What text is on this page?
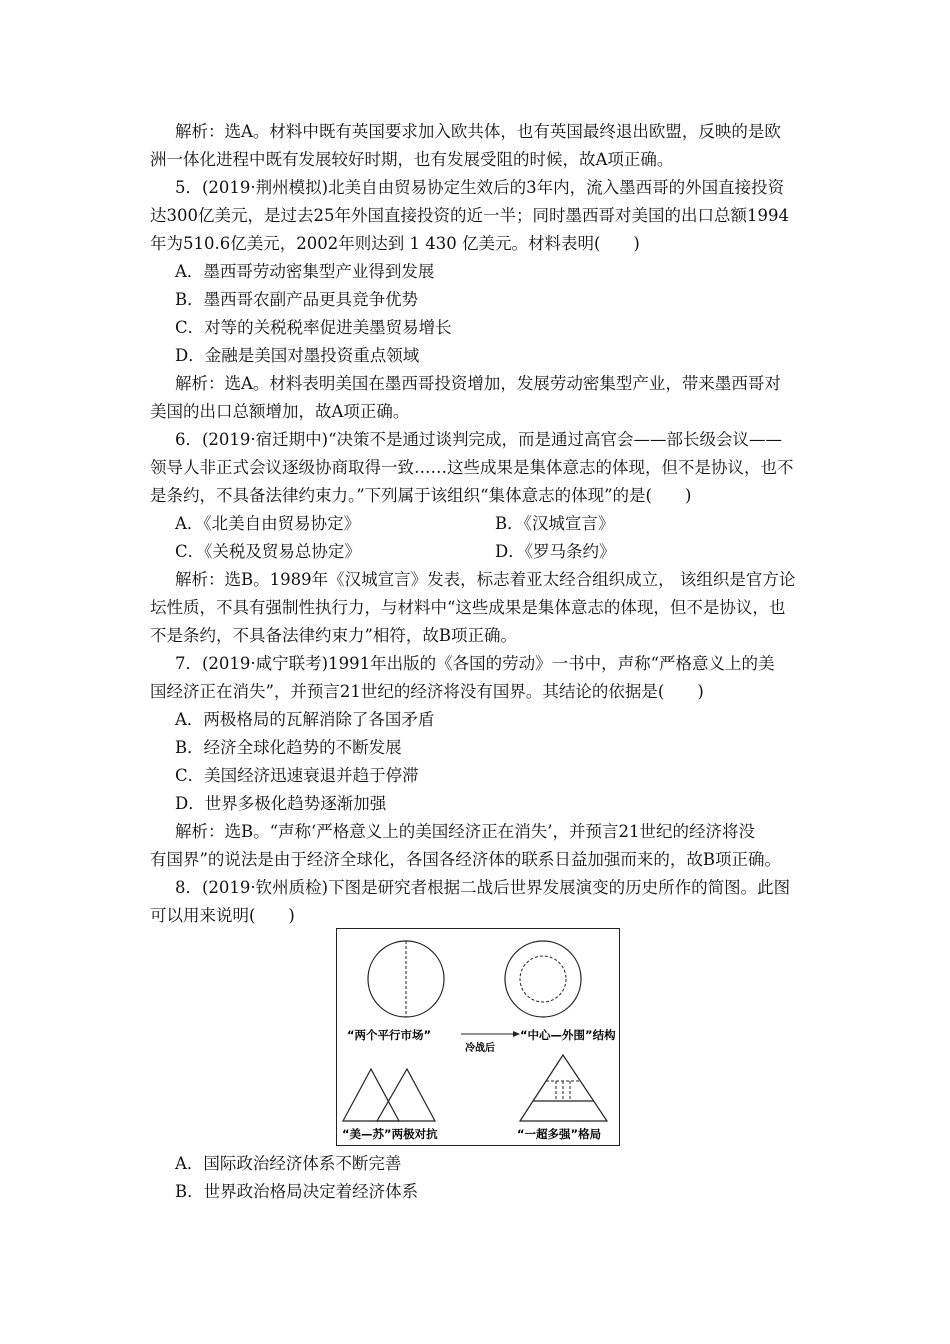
解析：选A。材料中既有英国要求加入欧共体，也有英国最终退出欧盟，反映的是欧
洲一体化进程中既有发展较好时期，也有发展受阻的时候，故A项正确。
5．(2019·荆州模拟)北美自由贸易协定生效后的3年内，流入墨西哥的外国直接投资
达300亿美元，是过去25年外国直接投资的近一半；同时墨西哥对美国的出口总额1994
年为510.6亿美元，2002年则达到 1 430 亿美元。材料表明(　　)
A．墨西哥劳动密集型产业得到发展
B．墨西哥农副产品更具竞争优势
C．对等的关税税率促进美墨贸易增长
D．金融是美国对墨投资重点领域
解析：选A。材料表明美国在墨西哥投资增加，发展劳动密集型产业，带来墨西哥对
美国的出口总额增加，故A项正确。
6．(2019·宿迁期中)“决策不是通过谈判完成，而是通过高官会——部长级会议——
领导人非正式会议逐级协商取得一致……这些成果是集体意志的体现，但不是协议，也不
是条约，不具备法律约束力。”下列属于该组织“集体意志的体现”的是(　　)
A．《北美自由贸易协定》	B．《汉城宣言》
C．《关税及贸易总协定》	D．《罗马条约》
解析：选B。1989年《汉城宣言》发表，标志着亚太经合组织成立， 该组织是官方论
坛性质，不具有强制性执行力，与材料中“这些成果是集体意志的体现，但不是协议，也
不是条约，不具备法律约束力”相符，故B项正确。
7．(2019·咸宁联考)1991年出版的《各国的劳动》一书中，声称“严格意义上的美
国经济正在消失”，并预言21世纪的经济将没有国界。其结论的依据是(　　)
A．两极格局的瓦解消除了各国矛盾
B．经济全球化趋势的不断发展
C．美国经济迅速衰退并趋于停滞
D．世界多极化趋势逐渐加强
解析：选B。“声称‘严格意义上的美国经济正在消失’，并预言21世纪的经济将没
有国界”的说法是由于经济全球化，各国各经济体的联系日益加强而来的，故B项正确。
8．(2019·钦州质检)下图是研究者根据二战后世界发展演变的历史所作的简图。此图
可以用来说明(　　)
“两个平行市场”	“中心—外围”结构
冷战后
“美—苏”两极对抗	“一超多强”格局
A．国际政治经济体系不断完善
B．世界政治格局决定着经济体系
